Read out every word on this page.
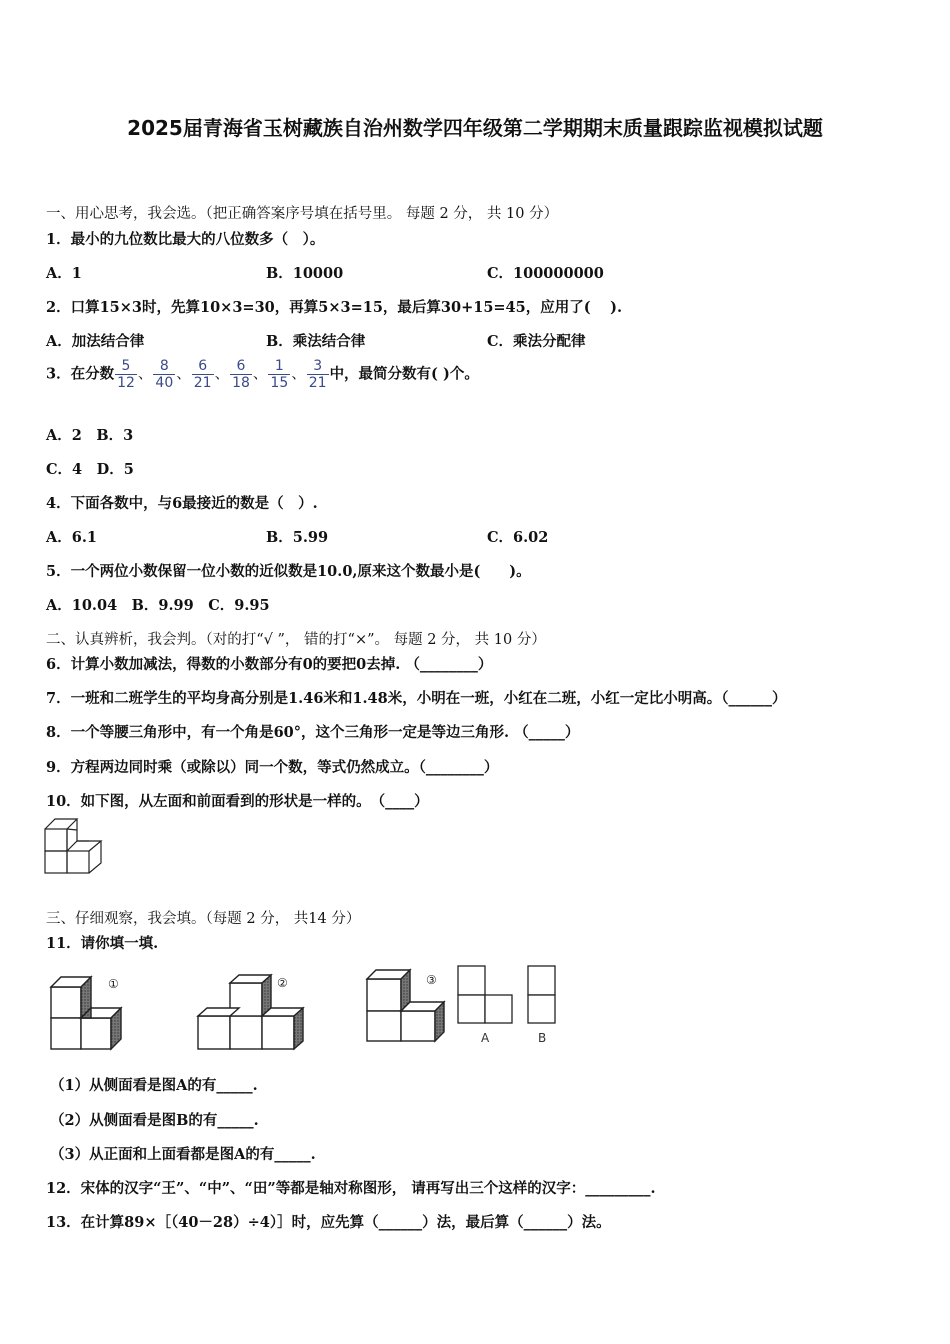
2025届青海省玉树藏族自治州数学四年级第二学期期末质量跟踪监视模拟试题
一、用心思考，我会选。（把正确答案序号填在括号里。 每题 2 分， 共 10 分）
1．最小的九位数比最大的八位数多（　）。
A．1	B．10000	C．100000000
2．口算15×3时，先算10×3=30，再算5×3=15，最后算30+15=45，应用了(　 ).
A．加法结合律	B．乘法结合律	C．乘法分配律
3．在分数 $\frac{5}{12}$ 、 $\frac{8}{40}$ 、 $\frac{6}{21}$ 、 $\frac{6}{18}$ 、 $\frac{1}{15}$ 、 $\frac{3}{21}$ 中，最简分数有( )个。
A．2　B．3
C．4　D．5
4．下面各数中，与6最接近的数是（　）.
A．6.1	B．5.99	C．6.02
5．一个两位小数保留一位小数的近似数是10.0,原来这个数最小是(　　)。
A．10.04　B．9.99　C．9.95
二、认真辨析，我会判。（对的打“√ ”， 错的打“×”。 每题 2 分， 共 10 分）
6．计算小数加减法，得数的小数部分有0的要把0去掉. （________）
7．一班和二班学生的平均身高分别是1.46米和1.48米，小明在一班，小红在二班，小红一定比小明高。（______）
8．一个等腰三角形中，有一个角是60°，这个三角形一定是等边三角形. （_____）
9．方程两边同时乘（或除以）同一个数，等式仍然成立。（________）
10．如下图，从左面和前面看到的形状是一样的。　（____）
三、仔细观察，我会填。（每题 2 分， 共14 分）
11．请你填一填.
①	②	③
A	B
（1）从侧面看是图A的有_____.
（2）从侧面看是图B的有_____.
（3）从正面和上面看都是图A的有_____.
12．宋体的汉字“王”、“中”、“田”等都是轴对称图形， 请再写出三个这样的汉字：_________.
13．在计算89×［（40－28）÷4）］时，应先算（______）法，最后算（______）法。
